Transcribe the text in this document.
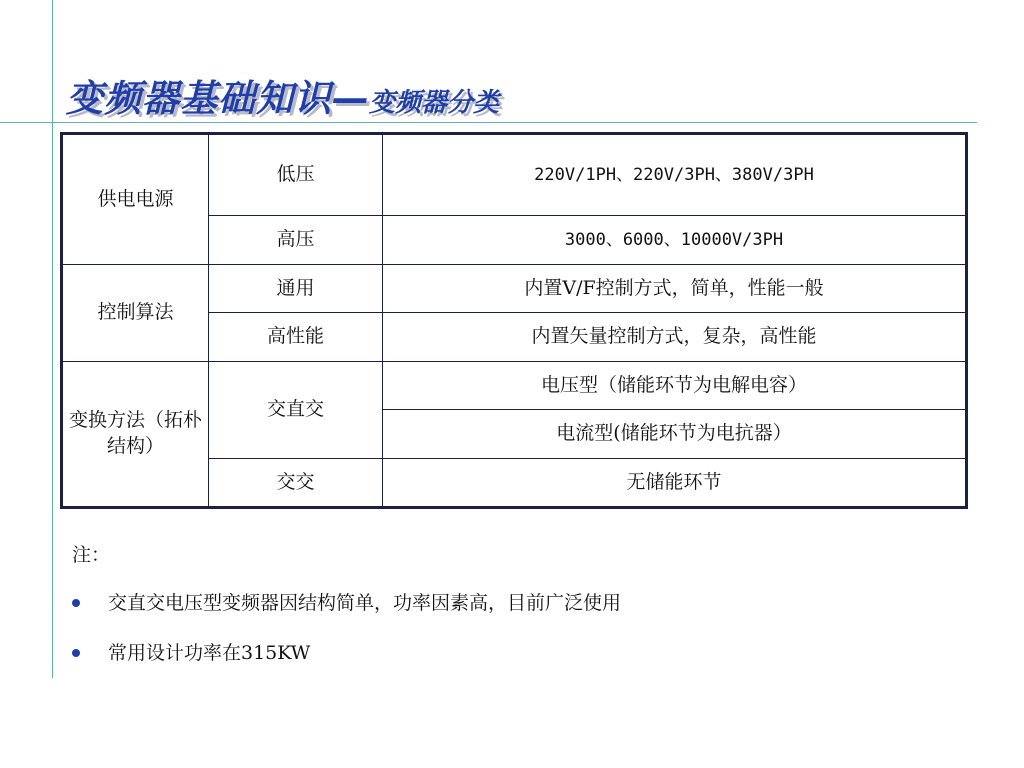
变频器基础知识—变频器分类
供电电源	低压	220V/1PH、220V/3PH、380V/3PH
	高压	3000、6000、10000V/3PH
控制算法	通用	内置V/F控制方式，简单，性能一般
	高性能	内置矢量控制方式，复杂，高性能
变换方法（拓朴结构）	交直交	电压型（储能环节为电解电容）
		电流型(储能环节为电抗器）
	交交	无储能环节
注：
交直交电压型变频器因结构简单，功率因素高，目前广泛使用
常用设计功率在315KW
